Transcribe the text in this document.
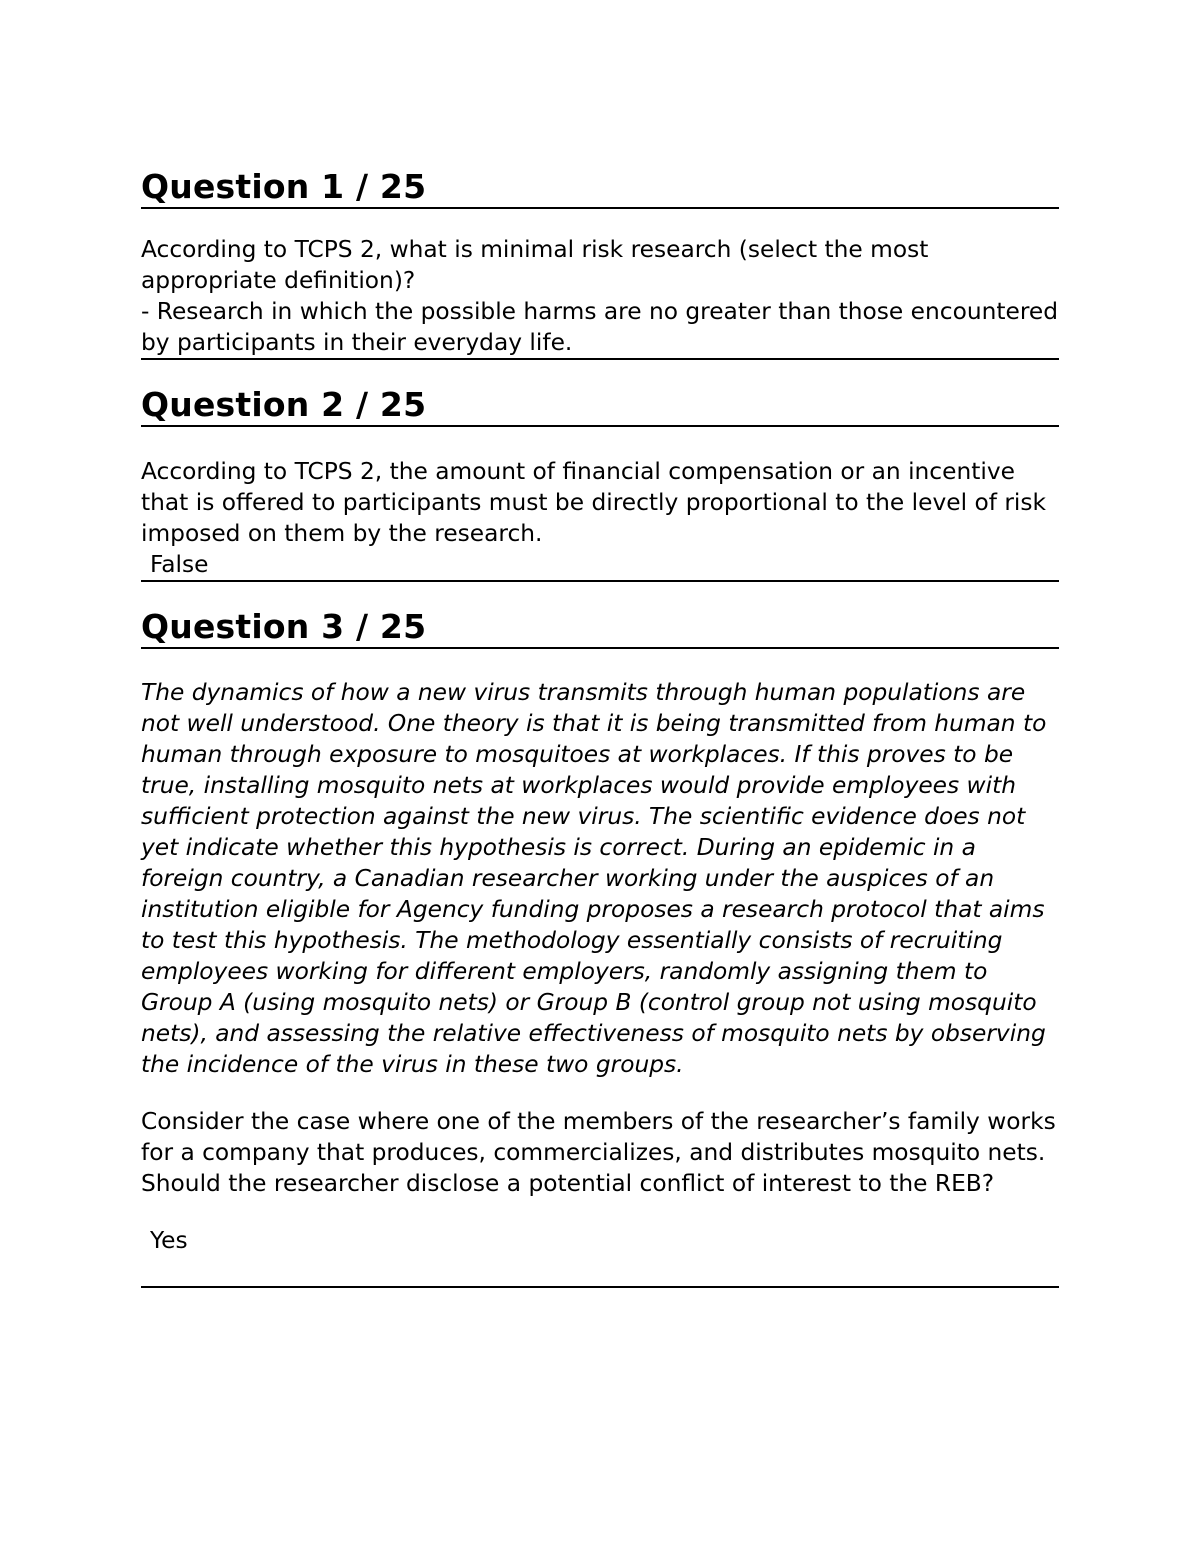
Question 1 / 25

According to TCPS 2, what is minimal risk research (select the most appropriate definition)?

- Research in which the possible harms are no greater than those encountered by participants in their everyday life.

Question 2 / 25

According to TCPS 2, the amount of financial compensation or an incentive that is offered to participants must be directly proportional to the level of risk imposed on them by the research.

False

Question 3 / 25

The dynamics of how a new virus transmits through human populations are not well understood. One theory is that it is being transmitted from human to human through exposure to mosquitoes at workplaces. If this proves to be true, installing mosquito nets at workplaces would provide employees with sufficient protection against the new virus. The scientific evidence does not yet indicate whether this hypothesis is correct. During an epidemic in a foreign country, a Canadian researcher working under the auspices of an institution eligible for Agency funding proposes a research protocol that aims to test this hypothesis. The methodology essentially consists of recruiting employees working for different employers, randomly assigning them to Group A (using mosquito nets) or Group B (control group not using mosquito nets), and assessing the relative effectiveness of mosquito nets by observing the incidence of the virus in these two groups.

Consider the case where one of the members of the researcher’s family works for a company that produces, commercializes, and distributes mosquito nets. Should the researcher disclose a potential conflict of interest to the REB?

Yes
